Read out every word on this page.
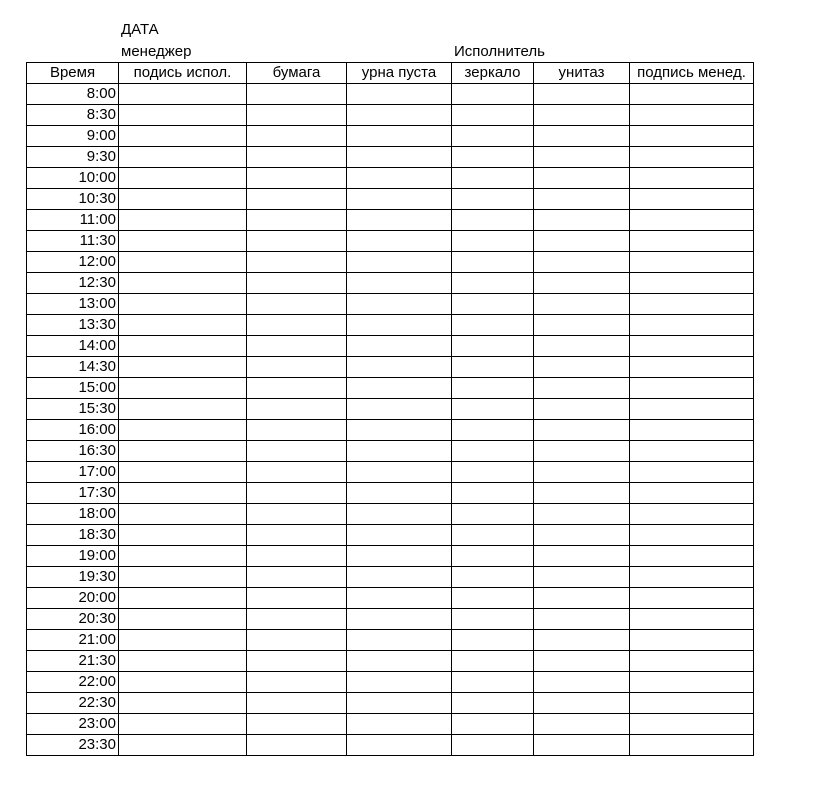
ДАТА
менеджер	Исполнитель
Время	подись испол.	бумага	урна пуста	зеркало	унитаз	подпись менед.
8:00						
8:30						
9:00						
9:30						
10:00						
10:30						
11:00						
11:30						
12:00						
12:30						
13:00						
13:30						
14:00						
14:30						
15:00						
15:30						
16:00						
16:30						
17:00						
17:30						
18:00						
18:30						
19:00						
19:30						
20:00						
20:30						
21:00						
21:30						
22:00						
22:30						
23:00						
23:30						
